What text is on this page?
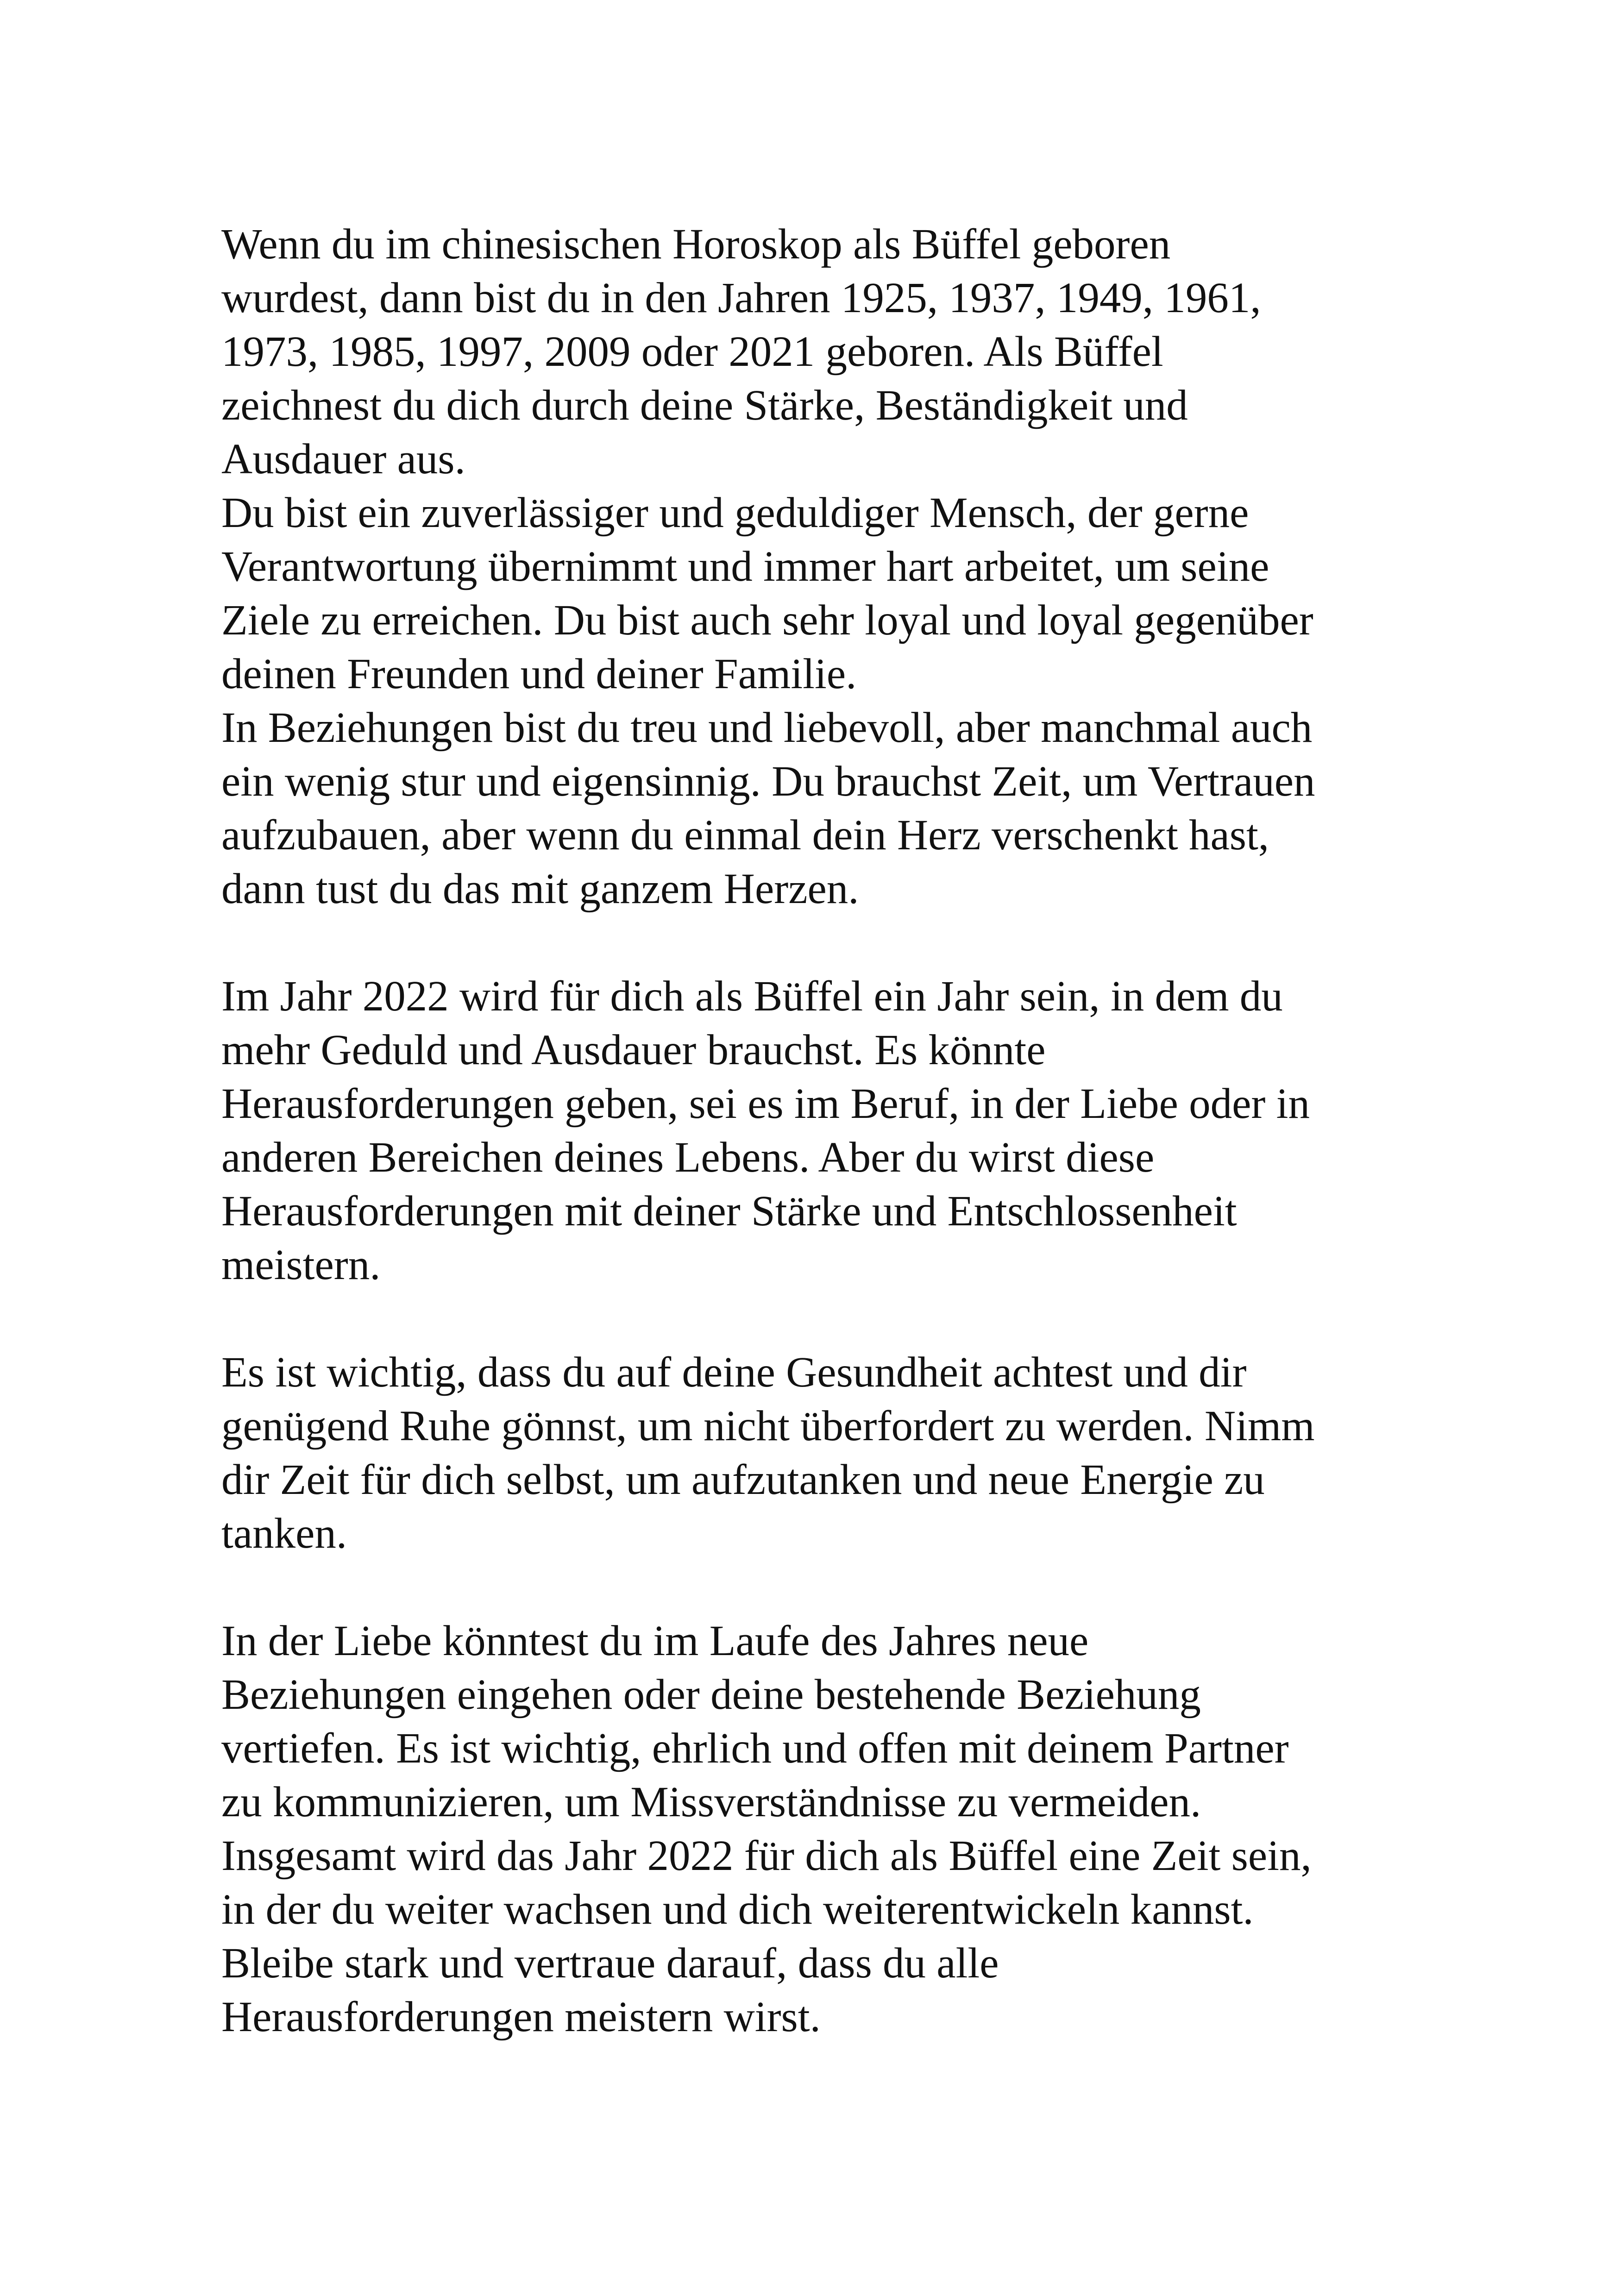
Wenn du im chinesischen Horoskop als Büffel geboren
wurdest, dann bist du in den Jahren 1925, 1937, 1949, 1961,
1973, 1985, 1997, 2009 oder 2021 geboren. Als Büffel
zeichnest du dich durch deine Stärke, Beständigkeit und
Ausdauer aus.
Du bist ein zuverlässiger und geduldiger Mensch, der gerne
Verantwortung übernimmt und immer hart arbeitet, um seine
Ziele zu erreichen. Du bist auch sehr loyal und loyal gegenüber
deinen Freunden und deiner Familie.
In Beziehungen bist du treu und liebevoll, aber manchmal auch
ein wenig stur und eigensinnig. Du brauchst Zeit, um Vertrauen
aufzubauen, aber wenn du einmal dein Herz verschenkt hast,
dann tust du das mit ganzem Herzen.
Im Jahr 2022 wird für dich als Büffel ein Jahr sein, in dem du
mehr Geduld und Ausdauer brauchst. Es könnte
Herausforderungen geben, sei es im Beruf, in der Liebe oder in
anderen Bereichen deines Lebens. Aber du wirst diese
Herausforderungen mit deiner Stärke und Entschlossenheit
meistern.
Es ist wichtig, dass du auf deine Gesundheit achtest und dir
genügend Ruhe gönnst, um nicht überfordert zu werden. Nimm
dir Zeit für dich selbst, um aufzutanken und neue Energie zu
tanken.
In der Liebe könntest du im Laufe des Jahres neue
Beziehungen eingehen oder deine bestehende Beziehung
vertiefen. Es ist wichtig, ehrlich und offen mit deinem Partner
zu kommunizieren, um Missverständnisse zu vermeiden.
Insgesamt wird das Jahr 2022 für dich als Büffel eine Zeit sein,
in der du weiter wachsen und dich weiterentwickeln kannst.
Bleibe stark und vertraue darauf, dass du alle
Herausforderungen meistern wirst.
